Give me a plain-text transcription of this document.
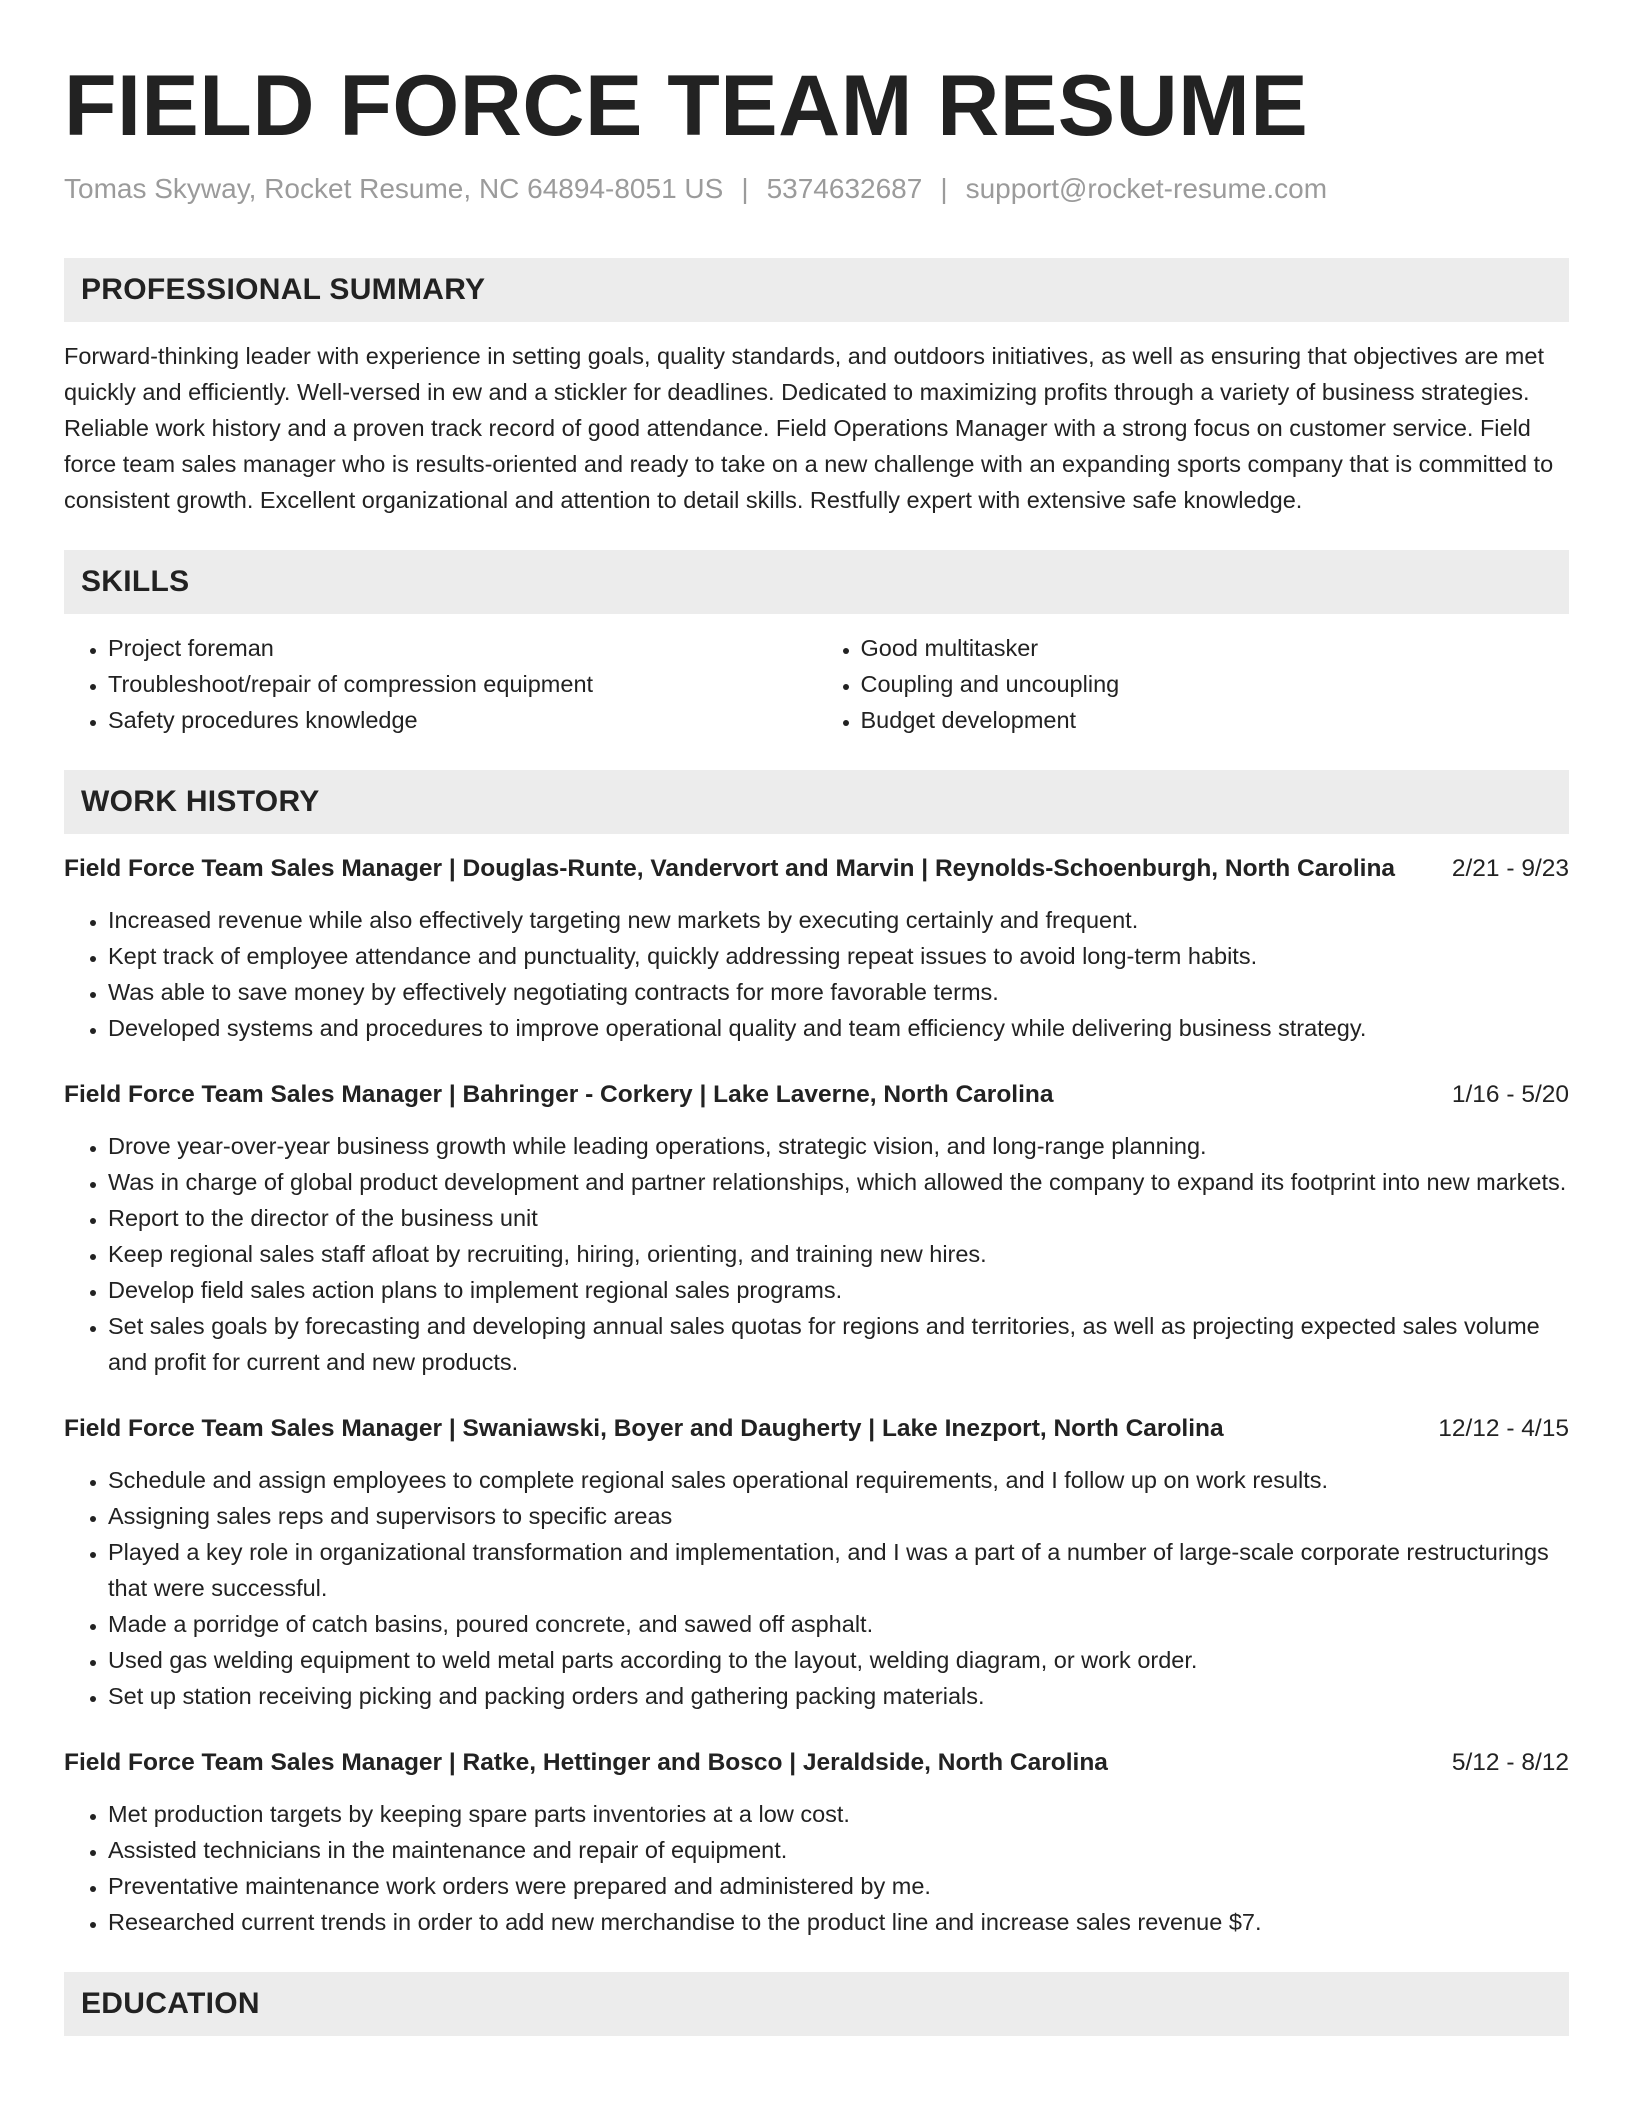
FIELD FORCE TEAM RESUME
Tomas Skyway, Rocket Resume, NC 64894-8051 US | 5374632687 | support@rocket-resume.com
PROFESSIONAL SUMMARY

Forward-thinking leader with experience in setting goals, quality standards, and outdoors initiatives, as well as ensuring that objectives are met quickly and efficiently. Well-versed in ew and a stickler for deadlines. Dedicated to maximizing profits through a variety of business strategies. Reliable work history and a proven track record of good attendance. Field Operations Manager with a strong focus on customer service. Field force team sales manager who is results-oriented and ready to take on a new challenge with an expanding sports company that is committed to consistent growth. Excellent organizational and attention to detail skills. Restfully expert with extensive safe knowledge.

SKILLS
• Project foreman
• Troubleshoot/repair of compression equipment
• Safety procedures knowledge
• Good multitasker
• Coupling and uncoupling
• Budget development
WORK HISTORY
Field Force Team Sales Manager | Douglas-Runte, Vandervort and Marvin | Reynolds-Schoenburgh, North Carolina 2/21 - 9/23
• Increased revenue while also effectively targeting new markets by executing certainly and frequent.
• Kept track of employee attendance and punctuality, quickly addressing repeat issues to avoid long-term habits.
• Was able to save money by effectively negotiating contracts for more favorable terms.
• Developed systems and procedures to improve operational quality and team efficiency while delivering business strategy.
Field Force Team Sales Manager | Bahringer - Corkery | Lake Laverne, North Carolina	1/16 - 5/20
• Drove year-over-year business growth while leading operations, strategic vision, and long-range planning.
• Was in charge of global product development and partner relationships, which allowed the company to expand its footprint into new markets.
• Report to the director of the business unit
• Keep regional sales staff afloat by recruiting, hiring, orienting, and training new hires.
• Develop field sales action plans to implement regional sales programs.
• Set sales goals by forecasting and developing annual sales quotas for regions and territories, as well as projecting expected sales volume and profit for current and new products.
Field Force Team Sales Manager | Swaniawski, Boyer and Daugherty | Lake Inezport, North Carolina	12/12 - 4/15
• Schedule and assign employees to complete regional sales operational requirements, and I follow up on work results.
• Assigning sales reps and supervisors to specific areas
• Played a key role in organizational transformation and implementation, and I was a part of a number of large-scale corporate restructurings that were successful.
• Made a porridge of catch basins, poured concrete, and sawed off asphalt.
• Used gas welding equipment to weld metal parts according to the layout, welding diagram, or work order.
• Set up station receiving picking and packing orders and gathering packing materials.
Field Force Team Sales Manager | Ratke, Hettinger and Bosco | Jeraldside, North Carolina	5/12 - 8/12
• Met production targets by keeping spare parts inventories at a low cost.
• Assisted technicians in the maintenance and repair of equipment.
• Preventative maintenance work orders were prepared and administered by me.
• Researched current trends in order to add new merchandise to the product line and increase sales revenue $7.
EDUCATION
